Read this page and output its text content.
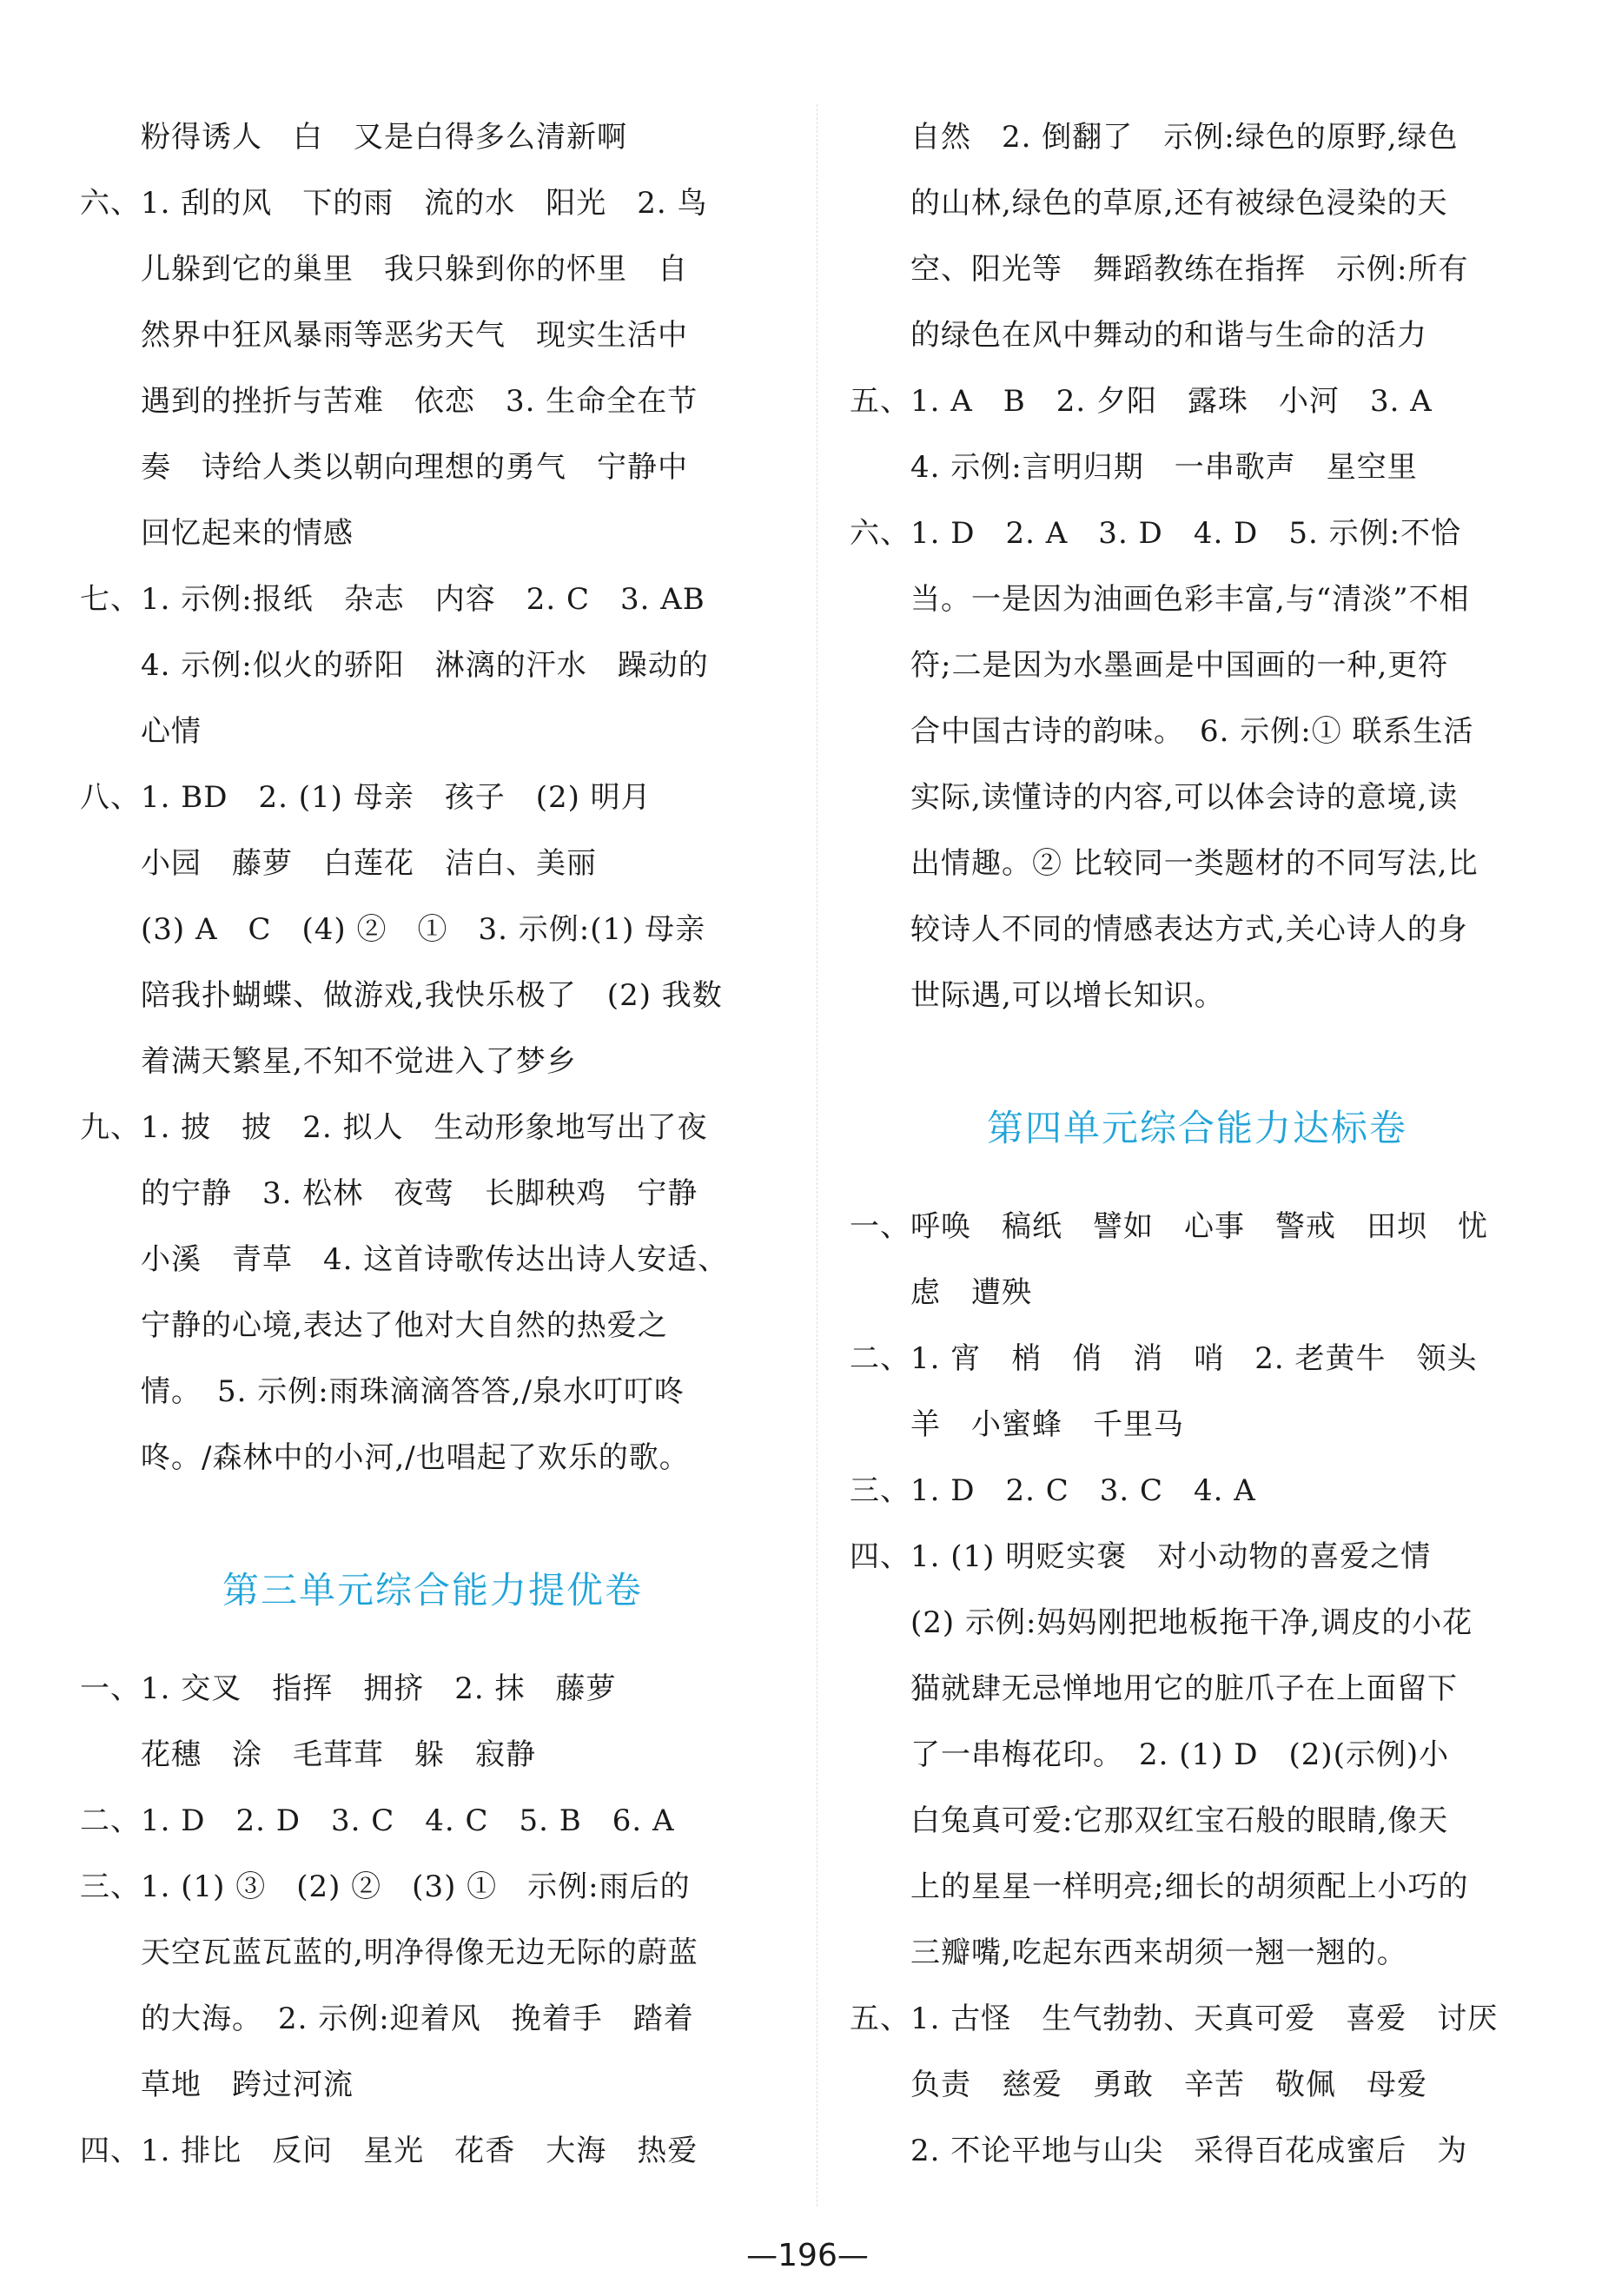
粉得诱人　白　又是白得多么清新啊
六、 1. 刮的风　下的雨　流的水　阳光　2. 鸟
儿躲到它的巢里　我只躲到你的怀里　自
然界中狂风暴雨等恶劣天气　现实生活中
遇到的挫折与苦难　依恋　3. 生命全在节
奏　诗给人类以朝向理想的勇气　宁静中
回忆起来的情感
七、 1. 示例:报纸　杂志　内容　2. C　3. AB
4. 示例:似火的骄阳　淋漓的汗水　躁动的
心情
八、 1. BD　2. (1) 母亲　孩子　(2) 明月
小园　藤萝　白莲花　洁白、美丽
(3) A　C　(4) ②　①　3. 示例:(1) 母亲
陪我扑蝴蝶、做游戏,我快乐极了　(2) 我数
着满天繁星,不知不觉进入了梦乡
九、 1. 披　披　2. 拟人　生动形象地写出了夜
的宁静　3. 松林　夜莺　长脚秧鸡　宁静
小溪　青草　4. 这首诗歌传达出诗人安适、
宁静的心境,表达了他对大自然的热爱之
情。　5. 示例:雨珠滴滴答答,/泉水叮叮咚
咚。/森林中的小河,/也唱起了欢乐的歌。
第三单元综合能力提优卷
一、 1. 交叉　指挥　拥挤　2. 抹　藤萝
花穗　涂　毛茸茸　躲　寂静
二、 1. D　2. D　3. C　4. C　5. B　6. A
三、 1. (1) ③　(2) ②　(3) ①　示例:雨后的
天空瓦蓝瓦蓝的,明净得像无边无际的蔚蓝
的大海。　2. 示例:迎着风　挽着手　踏着
草地　跨过河流
四、 1. 排比　反问　星光　花香　大海　热爱
自然　2. 倒翻了　示例:绿色的原野,绿色
的山林,绿色的草原,还有被绿色浸染的天
空、阳光等　舞蹈教练在指挥　示例:所有
的绿色在风中舞动的和谐与生命的活力
五、 1. A　B　2. 夕阳　露珠　小河　3. A
4. 示例:言明归期　一串歌声　星空里
六、 1. D　2. A　3. D　4. D　5. 示例:不恰
当。一是因为油画色彩丰富,与“清淡”不相
符;二是因为水墨画是中国画的一种,更符
合中国古诗的韵味。　6. 示例:① 联系生活
实际,读懂诗的内容,可以体会诗的意境,读
出情趣。② 比较同一类题材的不同写法,比
较诗人不同的情感表达方式,关心诗人的身
世际遇,可以增长知识。
第四单元综合能力达标卷
一、 呼唤　稿纸　譬如　心事　警戒　田坝　忧
虑　遭殃
二、 1. 宵　梢　俏　消　哨　2. 老黄牛　领头
羊　小蜜蜂　千里马
三、 1. D　2. C　3. C　4. A
四、 1. (1) 明贬实褒　对小动物的喜爱之情
(2) 示例:妈妈刚把地板拖干净,调皮的小花
猫就肆无忌惮地用它的脏爪子在上面留下
了一串梅花印。　2. (1) D　(2)(示例)小
白兔真可爱:它那双红宝石般的眼睛,像天
上的星星一样明亮;细长的胡须配上小巧的
三瓣嘴,吃起东西来胡须一翘一翘的。
五、 1. 古怪　生气勃勃、天真可爱　喜爱　讨厌
负责　慈爱　勇敢　辛苦　敬佩　母爱
2. 不论平地与山尖　采得百花成蜜后　为
—196—
